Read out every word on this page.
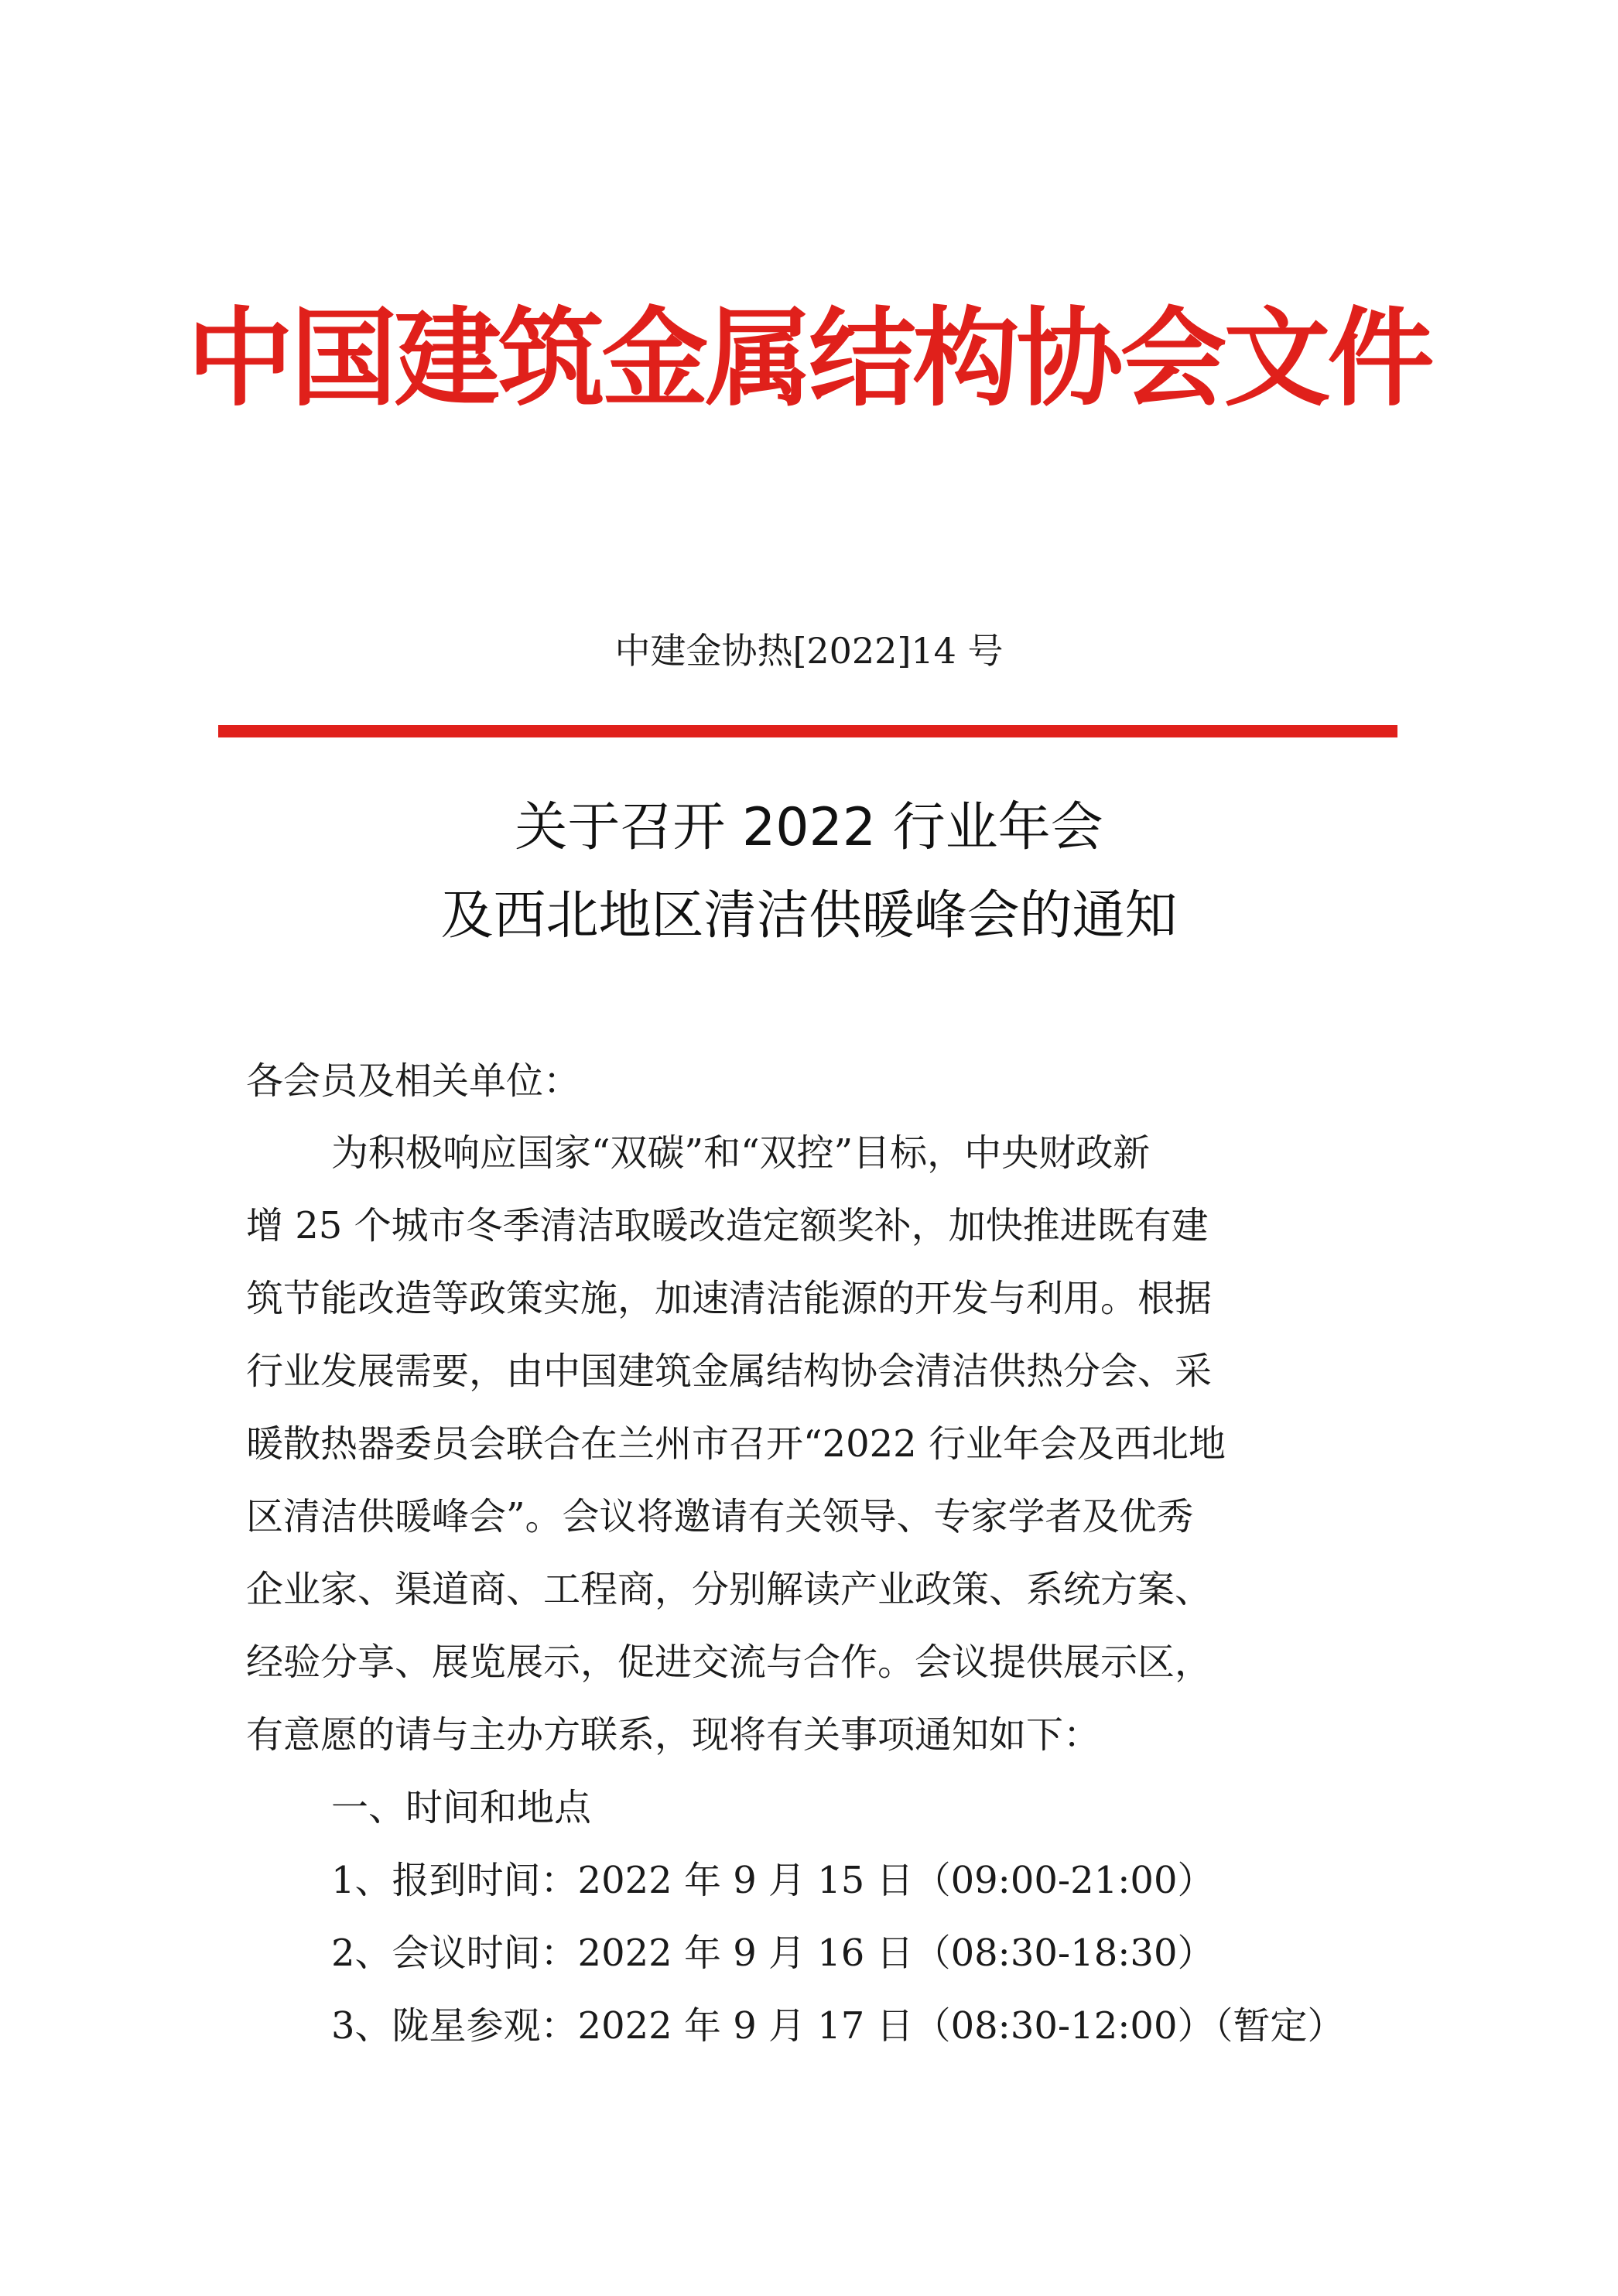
中国建筑金属结构协会文件
中建金协热[2022]14 号
关于召开 2022 行业年会
及西北地区清洁供暖峰会的通知
各会员及相关单位：
为积极响应国家“双碳”和“双控”目标，中央财政新
增 25 个城市冬季清洁取暖改造定额奖补，加快推进既有建
筑节能改造等政策实施，加速清洁能源的开发与利用。根据
行业发展需要，由中国建筑金属结构协会清洁供热分会、采
暖散热器委员会联合在兰州市召开“2022 行业年会及西北地
区清洁供暖峰会”。会议将邀请有关领导、专家学者及优秀
企业家、渠道商、工程商，分别解读产业政策、系统方案、
经验分享、展览展示，促进交流与合作。会议提供展示区，
有意愿的请与主办方联系，现将有关事项通知如下：
一、时间和地点
1、报到时间：2022 年 9 月 15 日（09:00-21:00）
2、会议时间：2022 年 9 月 16 日（08:30-18:30）
3、陇星参观：2022 年 9 月 17 日（08:30-12:00）（暂定）
